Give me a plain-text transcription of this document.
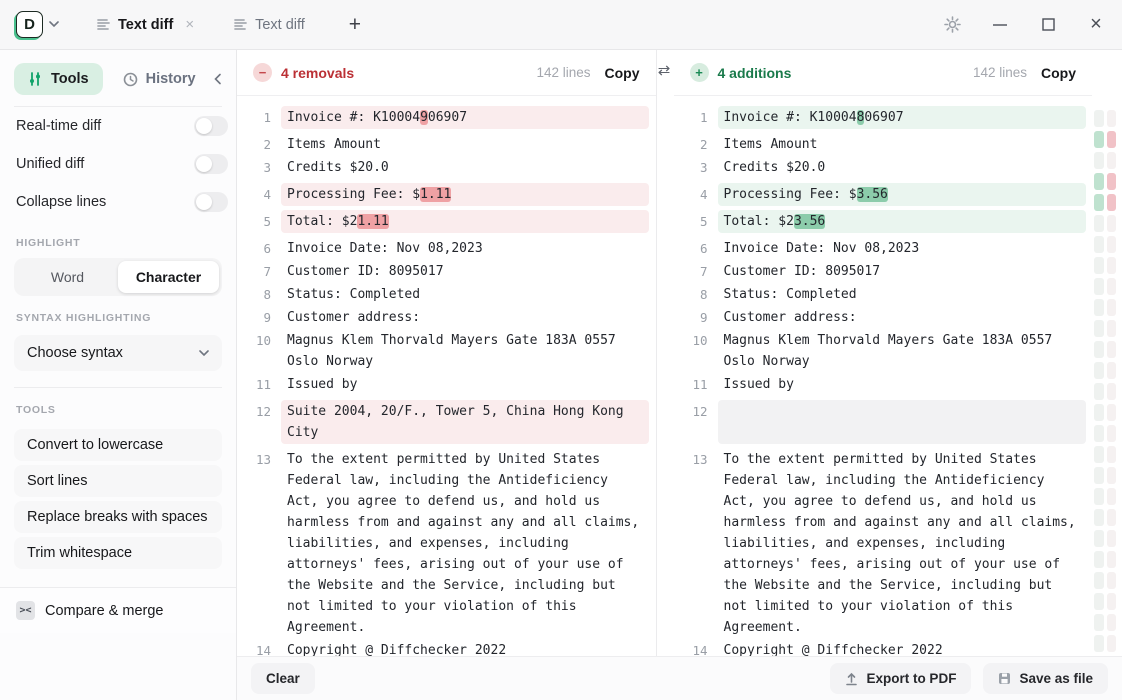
D	Text diff ×	Text diff +	×
Tools	History
Real-time diff
Unified diff
Collapse lines
HIGHLIGHT
Word	Character
SYNTAX HIGHLIGHTING
Choose syntax
TOOLS
Convert to lowercase
Sort lines
Replace breaks with spaces
Trim whitespace
>< Compare & merge
−	4 removals	142 lines Copy
1	Invoice #: K10004906907
2	Items Amount
3	Credits $20.0
4	Processing Fee: $1.11
5	Total: $21.11
6	Invoice Date: Nov 08,2023
7	Customer ID: 8095017
8	Status: Completed
9	Customer address:
10	Magnus Klem Thorvald Mayers Gate 183A 0557 Oslo Norway
11	Issued by
12	Suite 2004, 20/F., Tower 5, China Hong Kong City
13	To the extent permitted by United States Federal law, including the Antideficiency Act, you agree to defend us, and hold us harmless from and against any and all claims, liabilities, and expenses, including attorneys' fees, arising out of your use of the Website and the Service, including but not limited to your violation of this Agreement.
14	Copyright @ Diffchecker 2022
⇄	+	4 additions	142 lines Copy
1	Invoice #: K10004806907
2	Items Amount
3	Credits $20.0
4	Processing Fee: $3.56
5	Total: $23.56
6	Invoice Date: Nov 08,2023
7	Customer ID: 8095017
8	Status: Completed
9	Customer address:
10	Magnus Klem Thorvald Mayers Gate 183A 0557 Oslo Norway
11	Issued by
12
13	To the extent permitted by United States Federal law, including the Antideficiency Act, you agree to defend us, and hold us harmless from and against any and all claims, liabilities, and expenses, including attorneys' fees, arising out of your use of the Website and the Service, including but not limited to your violation of this Agreement.
14	Copyright @ Diffchecker 2022
Clear	Export to PDF	Save as file
